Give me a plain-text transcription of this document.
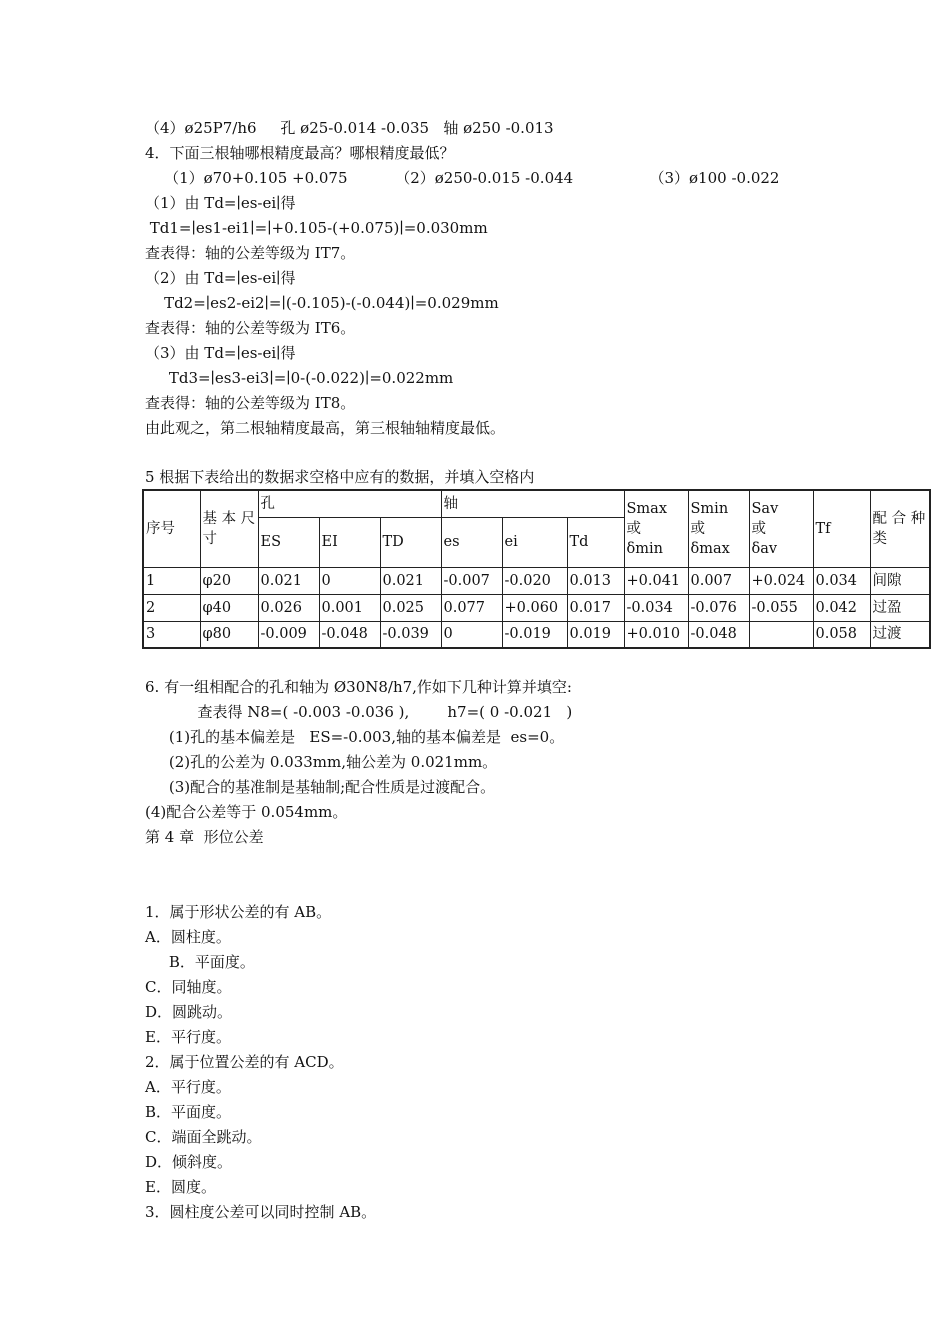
（4）ø25P7/h6     孔 ø25-0.014 -0.035   轴 ø250 -0.013
4．下面三根轴哪根精度最高？哪根精度最低？
（1）ø70+0.105 +0.075          （2）ø250-0.015 -0.044                （3）ø100 -0.022
（1）由 Td=∣es-ei∣得
Td1=∣es1-ei1∣=∣+0.105-(+0.075)∣=0.030mm
查表得：轴的公差等级为 IT7。
（2）由 Td=∣es-ei∣得
Td2=∣es2-ei2∣=∣(-0.105)-(-0.044)∣=0.029mm
查表得：轴的公差等级为 IT6。
（3）由 Td=∣es-ei∣得
Td3=∣es3-ei3∣=∣0-(-0.022)∣=0.022mm
查表得：轴的公差等级为 IT8。
由此观之，第二根轴精度最高，第三根轴轴精度最低。
5 根据下表给出的数据求空格中应有的数据，并填入空格内
序号	基 本 尺寸	孔			轴			Smax
或
δmin	Smin
或
δmax	Sav
或
δav	Tf	配 合 种类
		ES	EI	TD	es	ei	Td					
1	φ20	0.021	0	0.021	-0.007	-0.020	0.013	+0.041	0.007	+0.024	0.034	间隙
2	φ40	0.026	0.001	0.025	0.077	+0.060	0.017	-0.034	-0.076	-0.055	0.042	过盈
3	φ80	-0.009	-0.048	-0.039	0	-0.019	0.019	+0.010	-0.048		0.058	过渡
6. 有一组相配合的孔和轴为 Ø30N8/h7,作如下几种计算并填空:
查表得 N8=( -0.003 -0.036 ),        h7=( 0 -0.021   )
(1)孔的基本偏差是   ES=-0.003,轴的基本偏差是  es=0。
(2)孔的公差为 0.033mm,轴公差为 0.021mm。
(3)配合的基准制是基轴制;配合性质是过渡配合。
(4)配合公差等于 0.054mm。
第 4 章  形位公差
1．属于形状公差的有 AB。
A．圆柱度。
B．平面度。
C．同轴度。
D．圆跳动。
E．平行度。
2．属于位置公差的有 ACD。
A．平行度。
B．平面度。
C．端面全跳动。
D．倾斜度。
E．圆度。
3．圆柱度公差可以同时控制 AB。
